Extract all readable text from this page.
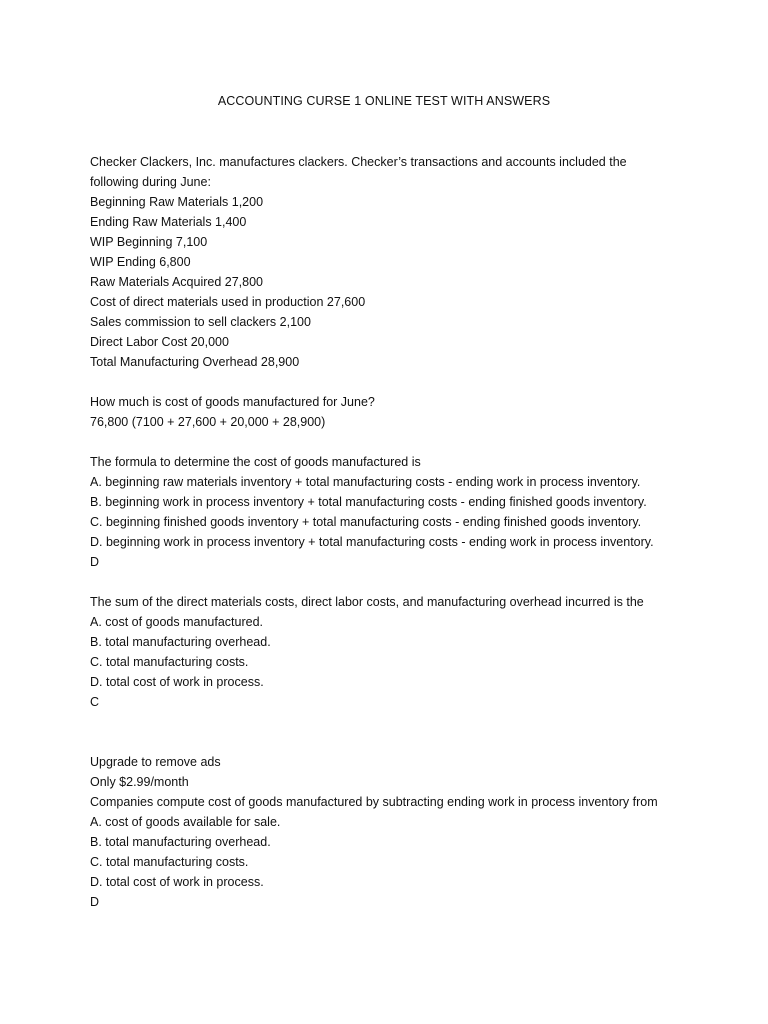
ACCOUNTING CURSE 1 ONLINE TEST WITH ANSWERS
Checker Clackers, Inc. manufactures clackers. Checker’s transactions and accounts included the
following during June:
Beginning Raw Materials 1,200
Ending Raw Materials 1,400
WIP Beginning 7,100
WIP Ending 6,800
Raw Materials Acquired 27,800
Cost of direct materials used in production 27,600
Sales commission to sell clackers 2,100
Direct Labor Cost 20,000
Total Manufacturing Overhead 28,900
How much is cost of goods manufactured for June?
76,800 (7100 + 27,600 + 20,000 + 28,900)
The formula to determine the cost of goods manufactured is
A. beginning raw materials inventory + total manufacturing costs - ending work in process inventory.
B. beginning work in process inventory + total manufacturing costs - ending finished goods inventory.
C. beginning finished goods inventory + total manufacturing costs - ending finished goods inventory.
D. beginning work in process inventory + total manufacturing costs - ending work in process inventory.
D
The sum of the direct materials costs, direct labor costs, and manufacturing overhead incurred is the
A. cost of goods manufactured.
B. total manufacturing overhead.
C. total manufacturing costs.
D. total cost of work in process.
C
Upgrade to remove ads
Only $2.99/month
Companies compute cost of goods manufactured by subtracting ending work in process inventory from
A. cost of goods available for sale.
B. total manufacturing overhead.
C. total manufacturing costs.
D. total cost of work in process.
D
